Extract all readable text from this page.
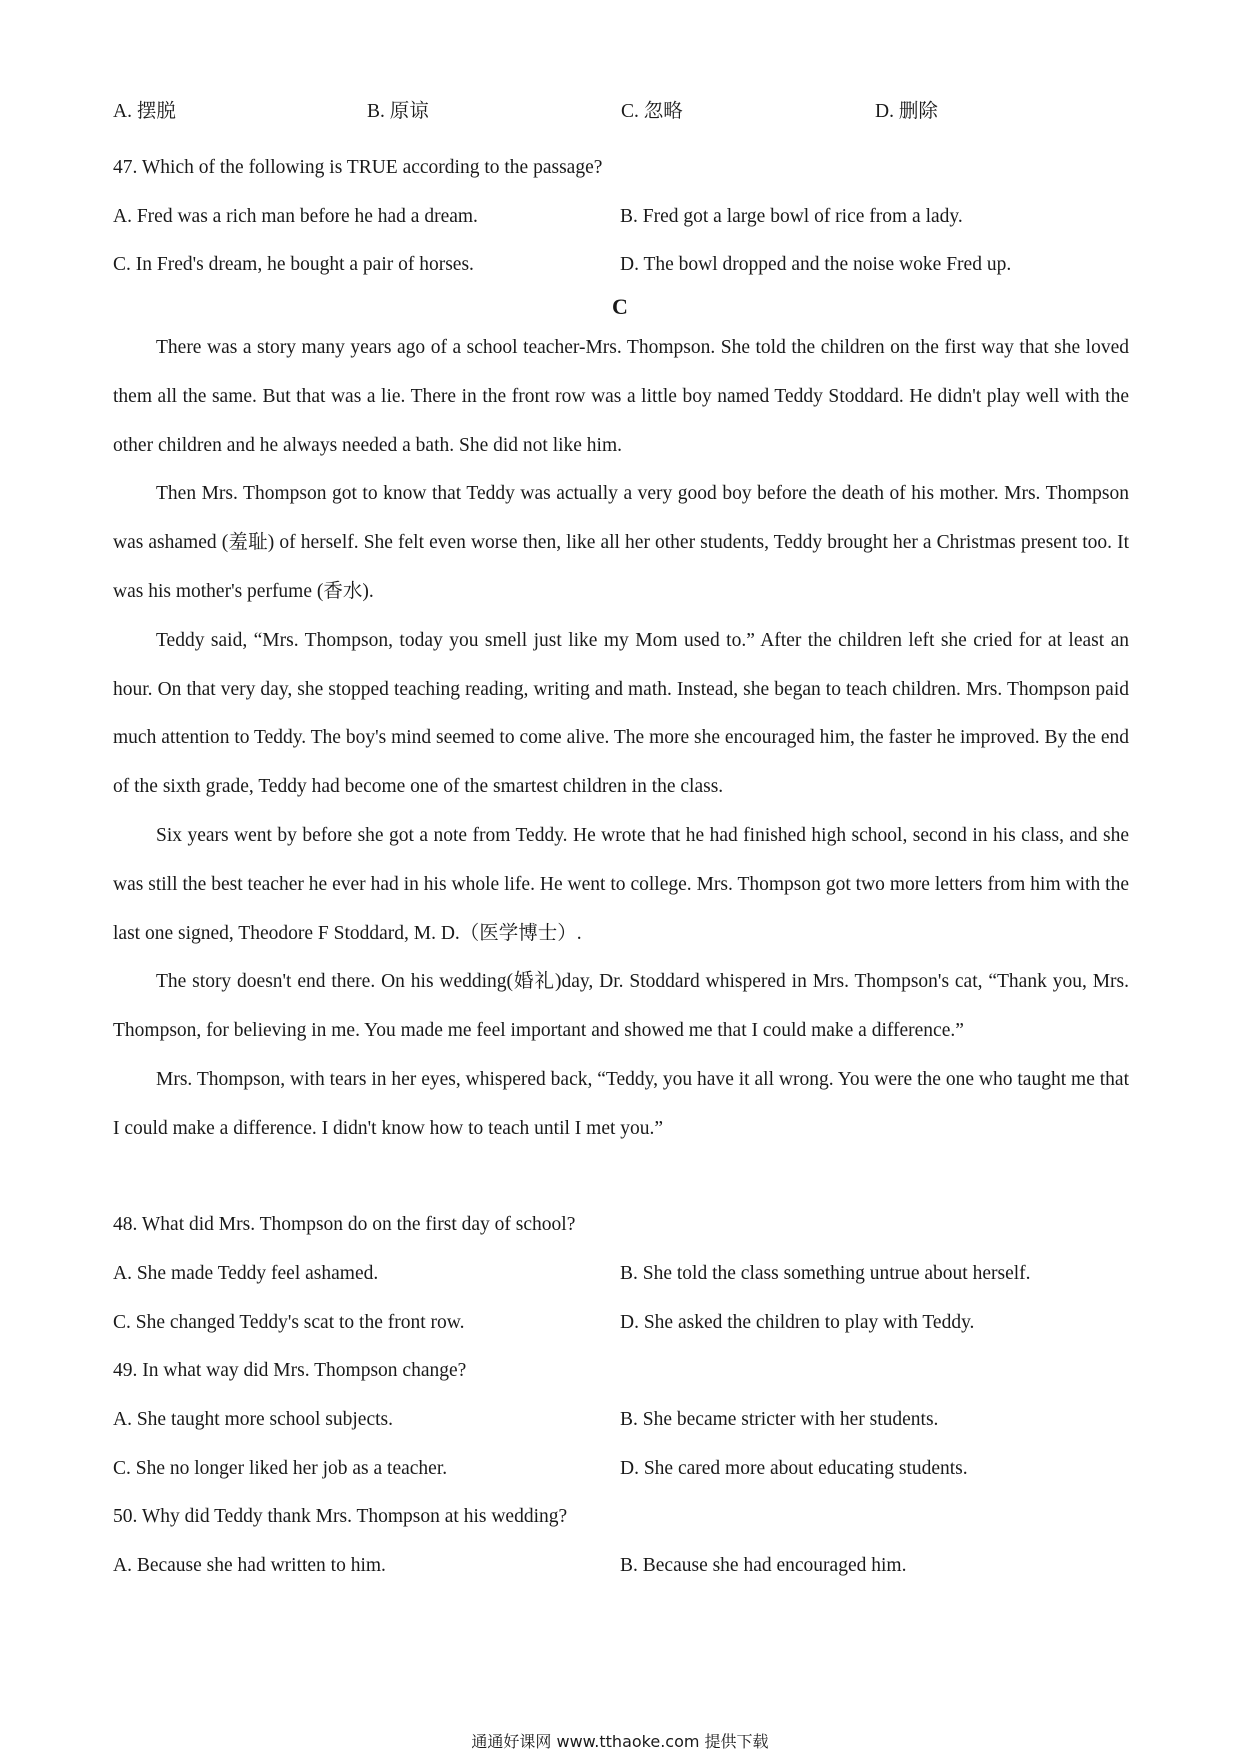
A. 摆脱	B. 原谅	C. 忽略	D. 删除
47. Which of the following is TRUE according to the passage?
A. Fred was a rich man before he had a dream.	B. Fred got a large bowl of rice from a lady.
C. In Fred's dream, he bought a pair of horses.	D. The bowl dropped and the noise woke Fred up.
C

There was a story many years ago of a school teacher-Mrs. Thompson. She told the children on the first way that she loved them all the same. But that was a lie. There in the front row was a little boy named Teddy Stoddard. He didn't play well with the other children and he always needed a bath. She did not like him.

Then Mrs. Thompson got to know that Teddy was actually a very good boy before the death of his mother. Mrs. Thompson was ashamed (羞耻) of herself. She felt even worse then, like all her other students, Teddy brought her a Christmas present too. It was his mother's perfume (香水).

Teddy said, “Mrs. Thompson, today you smell just like my Mom used to.” After the children left she cried for at least an hour. On that very day, she stopped teaching reading, writing and math. Instead, she began to teach children. Mrs. Thompson paid much attention to Teddy. The boy's mind seemed to come alive. The more she encouraged him, the faster he improved. By the end of the sixth grade, Teddy had become one of the smartest children in the class.

Six years went by before she got a note from Teddy. He wrote that he had finished high school, second in his class, and she was still the best teacher he ever had in his whole life. He went to college. Mrs. Thompson got two more letters from him with the last one signed, Theodore F Stoddard, M. D.（医学博士）.

The story doesn't end there. On his wedding(婚礼)day, Dr. Stoddard whispered in Mrs. Thompson's cat, “Thank you, Mrs. Thompson, for believing in me. You made me feel important and showed me that I could make a difference.”

Mrs. Thompson, with tears in her eyes, whispered back, “Teddy, you have it all wrong. You were the one who taught me that I could make a difference. I didn't know how to teach until I met you.”

48. What did Mrs. Thompson do on the first day of school?
A. She made Teddy feel ashamed.	B. She told the class something untrue about herself.
C. She changed Teddy's scat to the front row.	D. She asked the children to play with Teddy.
49. In what way did Mrs. Thompson change?
A. She taught more school subjects.	B. She became stricter with her students.
C. She no longer liked her job as a teacher.	D. She cared more about educating students.
50. Why did Teddy thank Mrs. Thompson at his wedding?
A. Because she had written to him.	B. Because she had encouraged him.
通通好课网 www.tthaoke.com 提供下载
